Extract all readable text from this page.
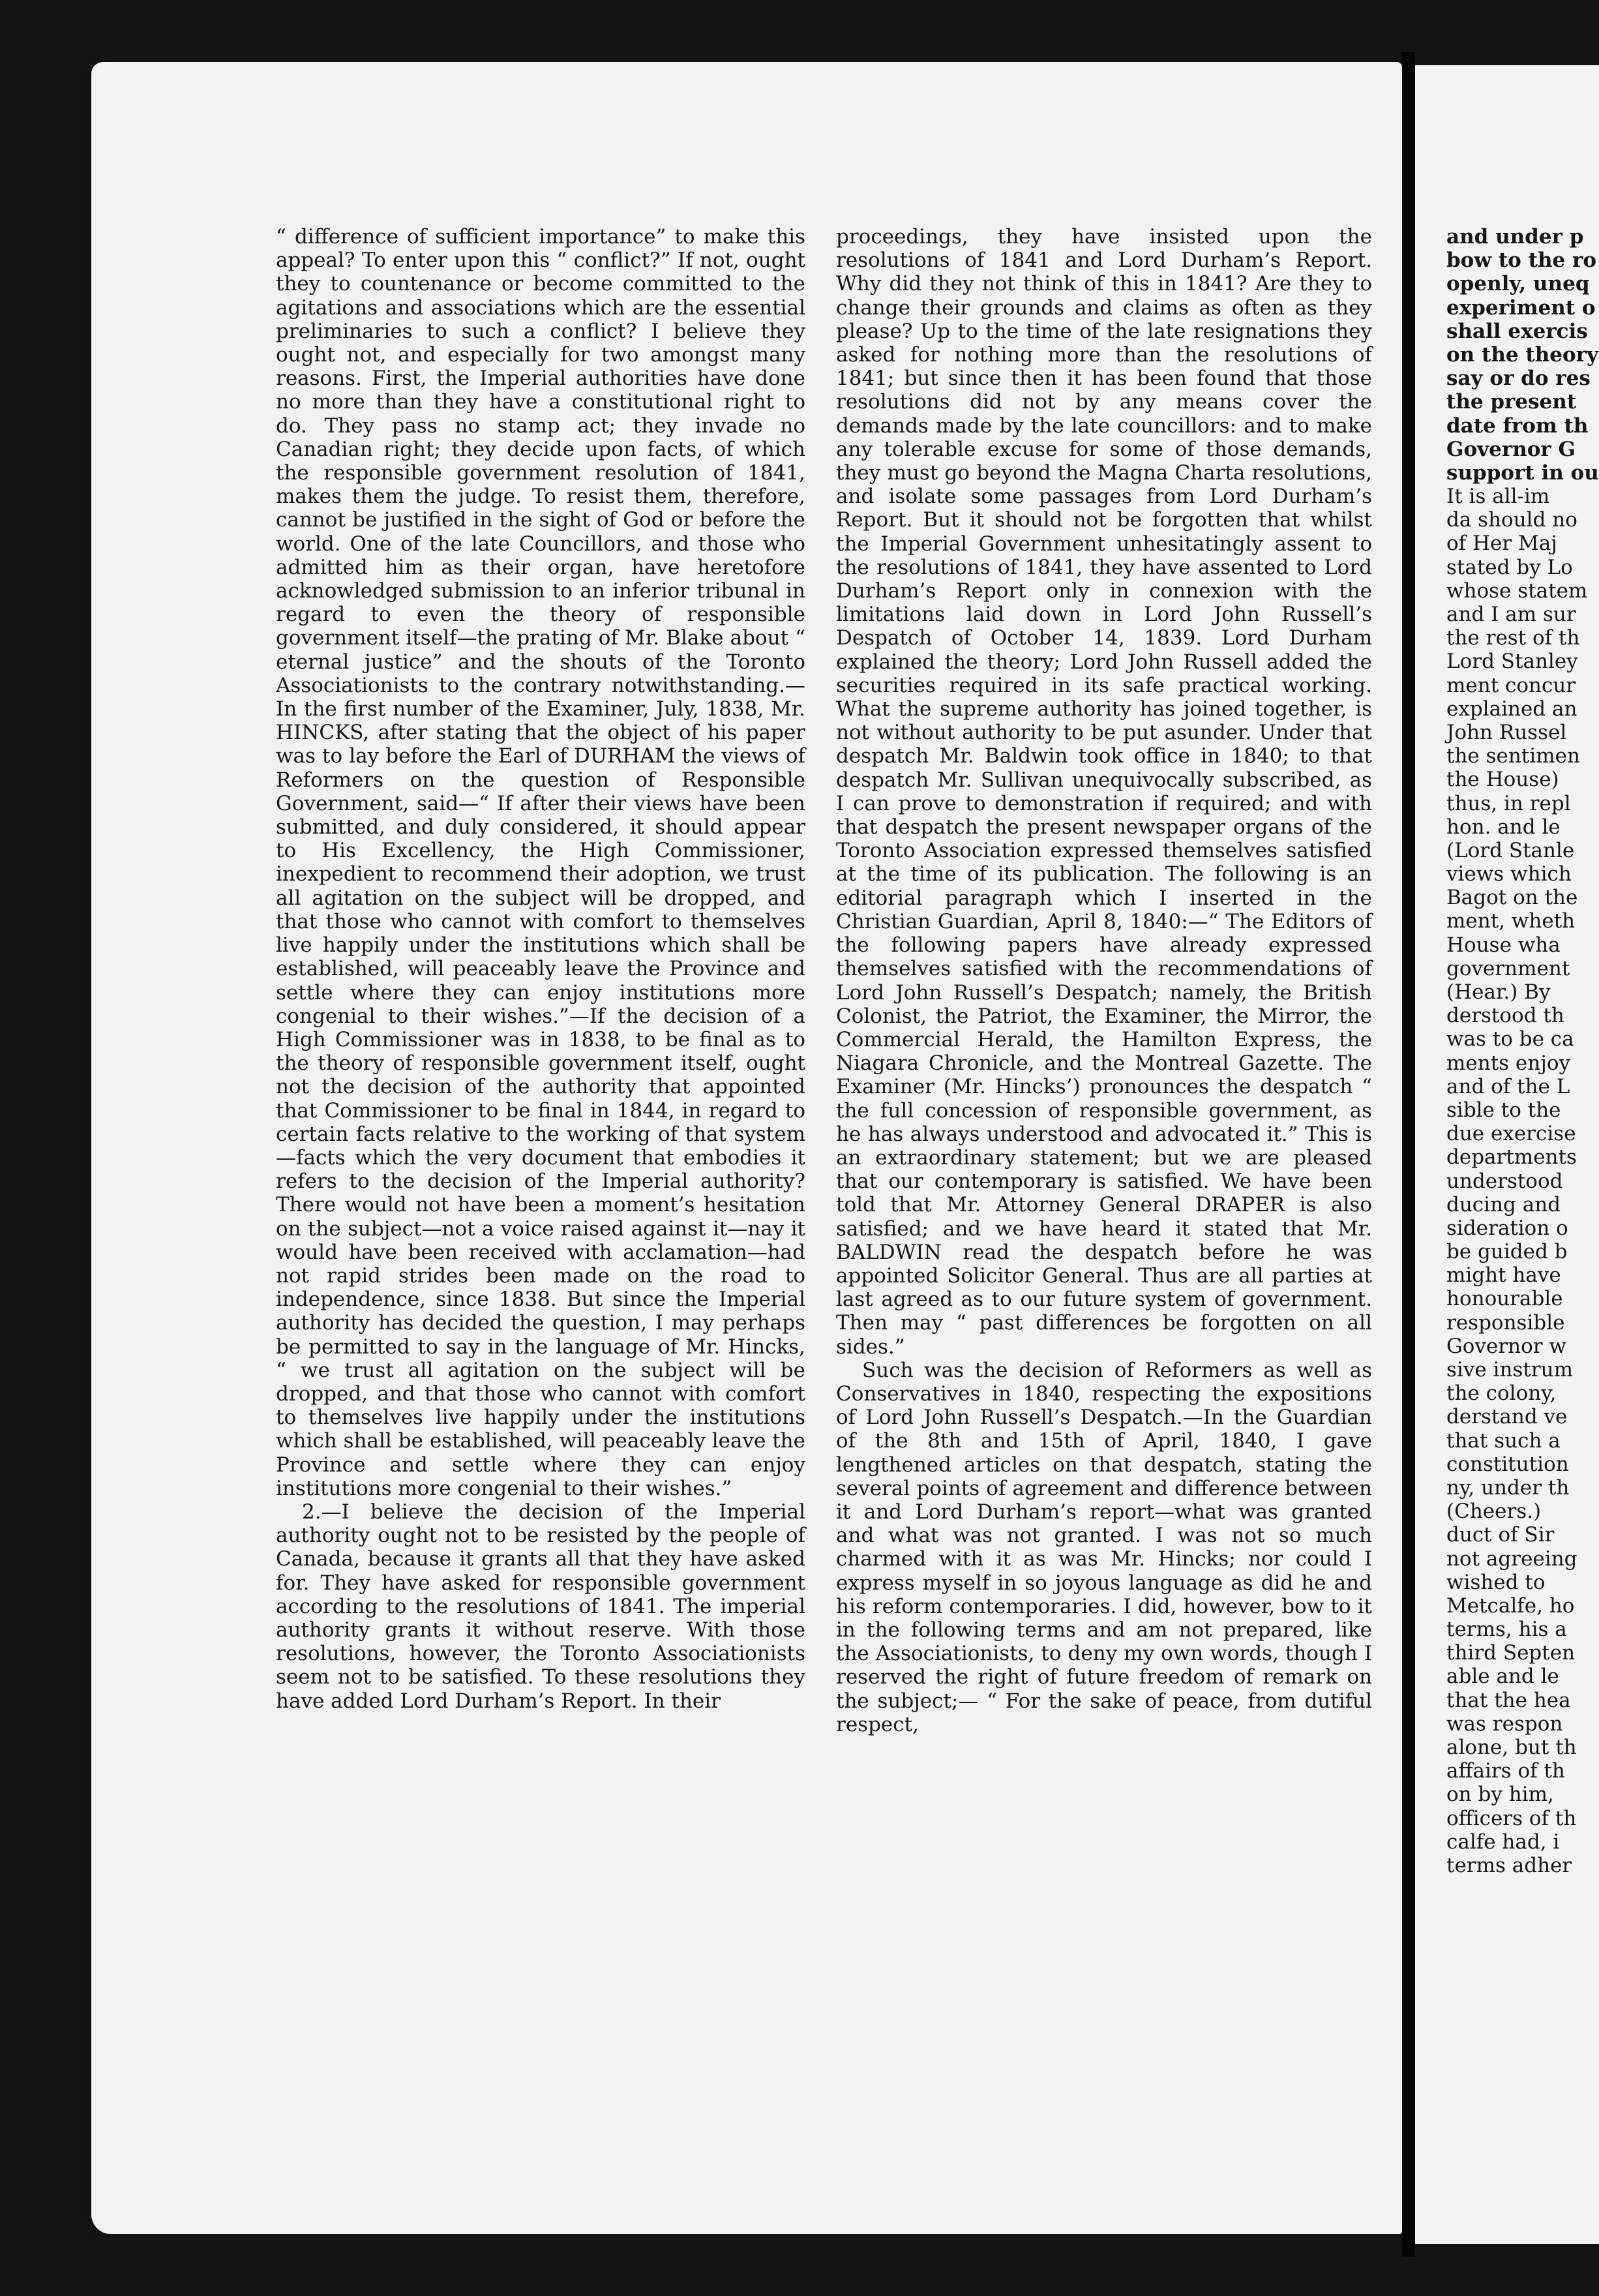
“ difference of sufficient importance” to make this appeal? To enter upon this “ conflict?” If not, ought they to countenance or become committed to the agitations and associations which are the essential preliminaries to such a conflict? I believe they ought not, and especially for two amongst many reasons. First, the Imperial authorities have done no more than they have a constitutional right to do. They pass no stamp act; they invade no Canadian right; they decide upon facts, of which the responsible government resolution of 1841, makes them the judge. To resist them, therefore, cannot be justified in the sight of God or before the world. One of the late Councillors, and those who admitted him as their organ, have heretofore acknowledged submission to an inferior tribunal in regard to even the theory of responsible government itself—the prating of Mr. Blake about “ eternal justice” and the shouts of the Toronto Associationists to the contrary notwithstanding.—In the first number of the Examiner, July, 1838, Mr. HINCKS, after stating that the object of his paper was to lay before the Earl of DURHAM the views of Reformers on the question of Responsible Government, said—“ If after their views have been submitted, and duly considered, it should appear to His Excellency, the High Commissioner, inexpedient to recommend their adoption, we trust all agitation on the subject will be dropped, and that those who cannot with comfort to themselves live happily under the institutions which shall be established, will peaceably leave the Province and settle where they can enjoy institutions more congenial to their wishes.”—If the decision of a High Commissioner was in 1838, to be final as to the theory of responsible government itself, ought not the decision of the authority that appointed that Commissioner to be final in 1844, in regard to certain facts relative to the working of that system—facts which the very document that embodies it refers to the decision of the Imperial authority? There would not have been a moment’s hesitation on the subject—not a voice raised against it—nay it would have been received with acclamation—had not rapid strides been made on the road to independence, since 1838. But since the Imperial authority has decided the question, I may perhaps be permitted to say in the language of Mr. Hincks, “ we trust all agitation on the subject will be dropped, and that those who cannot with comfort to themselves live happily under the institutions which shall be established, will peaceably leave the Province and settle where they can enjoy institutions more congenial to their wishes.”

2.—I believe the decision of the Imperial authority ought not to be resisted by the people of Canada, because it grants all that they have asked for. They have asked for responsible government according to the resolutions of 1841. The imperial authority grants it without reserve. With those resolutions, however, the Toronto Associationists seem not to be satisfied. To these resolutions they have added Lord Durham’s Report. In their

proceedings, they have insisted upon the resolutions of 1841 and Lord Durham’s Report. Why did they not think of this in 1841? Are they to change their grounds and claims as often as they please? Up to the time of the late resignations they asked for nothing more than the resolutions of 1841; but since then it has been found that those resolutions did not by any means cover the demands made by the late councillors: and to make any tolerable excuse for some of those demands, they must go beyond the Magna Charta resolutions, and isolate some passages from Lord Durham’s Report. But it should not be forgotten that whilst the Imperial Government unhesitatingly assent to the resolutions of 1841, they have assented to Lord Durham’s Report only in connexion with the limitations laid down in Lord John Russell’s Despatch of October 14, 1839. Lord Durham explained the theory; Lord John Russell added the securities required in its safe practical working. What the supreme authority has joined together, is not without authority to be put asunder. Under that despatch Mr. Baldwin took office in 1840; to that despatch Mr. Sullivan unequivocally subscribed, as I can prove to demonstration if required; and with that despatch the present newspaper organs of the Toronto Association expressed themselves satisfied at the time of its publication. The following is an editorial paragraph which I inserted in the Christian Guardian, April 8, 1840:—“ The Editors of the following papers have already expressed themselves satisfied with the recommendations of Lord John Russell’s Despatch; namely, the British Colonist, the Patriot, the Examiner, the Mirror, the Commercial Herald, the Hamilton Express, the Niagara Chronicle, and the Montreal Gazette. The Examiner (Mr. Hincks’) pronounces the despatch “ the full concession of responsible government, as he has always understood and advocated it.” This is an extraordinary statement; but we are pleased that our contemporary is satisfied. We have been told that Mr. Attorney General DRAPER is also satisfied; and we have heard it stated that Mr. BALDWIN read the despatch before he was appointed Solicitor General. Thus are all parties at last agreed as to our future system of government. Then may “ past differences be forgotten on all sides.”

Such was the decision of Reformers as well as Conservatives in 1840, respecting the expositions of Lord John Russell’s Despatch.—In the Guardian of the 8th and 15th of April, 1840, I gave lengthened articles on that despatch, stating the several points of agreement and difference between it and Lord Durham’s report—what was granted and what was not granted. I was not so much charmed with it as was Mr. Hincks; nor could I express myself in so joyous language as did he and his reform contemporaries. I did, however, bow to it in the following terms and am not prepared, like the Associationists, to deny my own words, though I reserved the right of future freedom of remark on the subject;— “ For the sake of peace, from dutiful respect,

and under p
bow to the ro
openly, uneq
experiment o
shall exercis
on the theory
say or do res
the present
date from th
Governor G
support in ou
It is all-im
da should no
of Her Maj
stated by Lo
whose statem
and I am sur
the rest of th
Lord Stanley
ment concur
explained an
John Russel
the sentimen
the House)
thus, in repl
hon. and le
(Lord Stanle
views which
Bagot on the
ment, wheth
House wha
government
(Hear.) By
derstood th
was to be ca
ments enjoy
and of the L
sible to the
due exercise
departments
understood
ducing and
sideration o
be guided b
might have
honourable
responsible
Governor w
sive instrum
the colony,
derstand ve
that such a
constitution
ny, under th
(Cheers.)
duct of Sir
not agreeing
wished to
Metcalfe, ho
terms, his a
third Septen
able and le
that the hea
was respon
alone, but th
affairs of th
on by him,
officers of th
calfe had, i
terms adher
